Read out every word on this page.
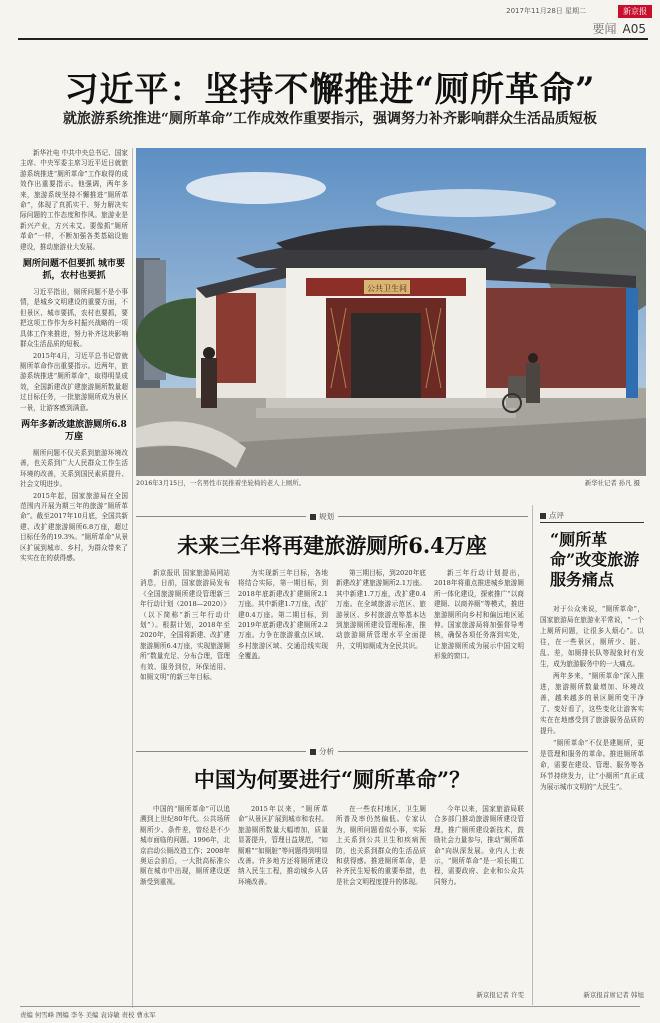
2017年11月28日 星期二	新京报
要闻 A05
习近平：坚持不懈推进“厕所革命”
就旅游系统推进“厕所革命”工作成效作重要指示，强调努力补齐影响群众生活品质短板

新华社电 中共中央总书记、国家主席、中央军委主席习近平近日就旅游系统推进“厕所革命”工作取得的成效作出重要指示。他强调，两年多来，旅游系统坚持不懈推进“厕所革命”，体现了真抓实干、努力解决实际问题的工作态度和作风。旅游业是新兴产业，方兴未艾。要像抓“厕所革命”一样，不断加强各类基础设施建设，推动旅游业大发展。

厕所问题不但要抓 城市要抓，农村也要抓

习近平指出，厕所问题不是小事情，是城乡文明建设的重要方面，不但景区、城市要抓，农村也要抓，要把这项工作作为乡村振兴战略的一项具体工作来推进，努力补齐这块影响群众生活品质的短板。

2015年4月，习近平总书记曾就厕所革命作出重要指示。近两年，旅游系统推进“厕所革命”，取得明显成效，全国新建改扩建旅游厕所数量超过目标任务，一批旅游厕所成为景区一景，让游客感到满意。

两年多新改建旅游厕所6.8万座

厕所问题不仅关系到旅游环境改善，也关系到广大人民群众工作生活环境的改善，关系到国民素质提升、社会文明进步。

2015年起，国家旅游局在全国范围内开展为期三年的旅游“厕所革命”。截至2017年10月底，全国共新建、改扩建旅游厕所6.8万座，超过目标任务的19.3%。“厕所革命”从景区扩展到城市、乡村，为群众带来了实实在在的获得感。

公共卫生间
2016年3月15日，一名男性市民推着坐轮椅的老人上厕所。	新华社记者 孙凡 摄
规划
未来三年将再建旅游厕所6.4万座

新京报讯 国家旅游局网站消息，日前，国家旅游局发布《全国旅游厕所建设管理新三年行动计划（2018—2020）》（以下简称“新三年行动计划”）。根据计划，2018年至2020年，全国将新建、改扩建旅游厕所6.4万座，实现旅游厕所“数量充足、分布合理，管理有效、服务到位，环保适用、如厕文明”的新三年目标。

为实现新三年目标，各地将结合实际，第一期目标，到2018年底新建改扩建厕所2.1万座。其中新建1.7万座，改扩建0.4万座。第二期目标，到2019年底新建改扩建厕所2.2万座。力争在旅游重点区域、乡村旅游区域、交通沿线实现全覆盖。

第三期目标，到2020年底新建改扩建旅游厕所2.1万座。其中新建1.7万座，改扩建0.4万座。在全域旅游示范区、旅游景区、乡村旅游点等基本达到旅游厕所建设管理标准，推动旅游厕所管理水平全面提升，文明如厕成为全民共识。

新三年行动计划提出，2018年将重点推进城乡旅游厕所一体化建设，探索推广“以商建厕、以商养厕”等模式，推进旅游厕所向乡村和偏远地区延伸。国家旅游局将加强督导考核，确保各项任务落到实处，让旅游厕所成为展示中国文明形象的窗口。

分析
中国为何要进行“厕所革命”？

中国的“厕所革命”可以追溯到上世纪80年代。公共场所厕所少、条件差，曾经是不少城市面临的问题。1996年，北京启动公厕改造工作；2008年奥运会前后，一大批高标准公厕在城市中出现，厕所建设逐渐受到重视。

2015年以来，“厕所革命”从景区扩展到城市和农村。旅游厕所数量大幅增加，质量显著提升，管理日益规范，“如厕难”“如厕脏”等问题得到明显改善。许多地方还将厕所建设纳入民生工程，推动城乡人居环境改善。

在一些农村地区，卫生厕所普及率仍然偏低。专家认为，厕所问题看似小事，实际上关系到公共卫生和疾病预防，也关系到群众的生活品质和获得感。推进厕所革命，是补齐民生短板的重要举措，也是社会文明程度提升的体现。

今年以来，国家旅游局联合多部门推动旅游厕所建设管理，推广厕所建设新技术，鼓励社会力量参与，推动“厕所革命”向纵深发展。业内人士表示，“厕所革命”是一项长期工程，需要政府、企业和公众共同努力。

新京报记者 许雯
点评
“厕所革命”改变旅游服务痛点

对于公众来说，“厕所革命”，国家旅游局在旅游业平常说，“一个上厕所问题，让很多人烦心”。以往，在一些景区，厕所少、脏、乱、差，如厕排长队等现象时有发生，成为旅游服务中的一大痛点。

两年多来，“厕所革命”深入推进，旅游厕所数量增加、环境改善，越来越多的景区厕所变干净了、变好看了，这些变化让游客实实在在地感受到了旅游服务品质的提升。

“厕所革命”不仅是建厕所，更是管理和服务的革命。推进厕所革命，需要在建设、管理、服务等各环节持续发力，让“小厕所”真正成为展示城市文明的“大民生”。

新京报首席记者 韩旭
责编 何雪峰 图编 李冬 美编 袁诗敏 责校 曹永军
